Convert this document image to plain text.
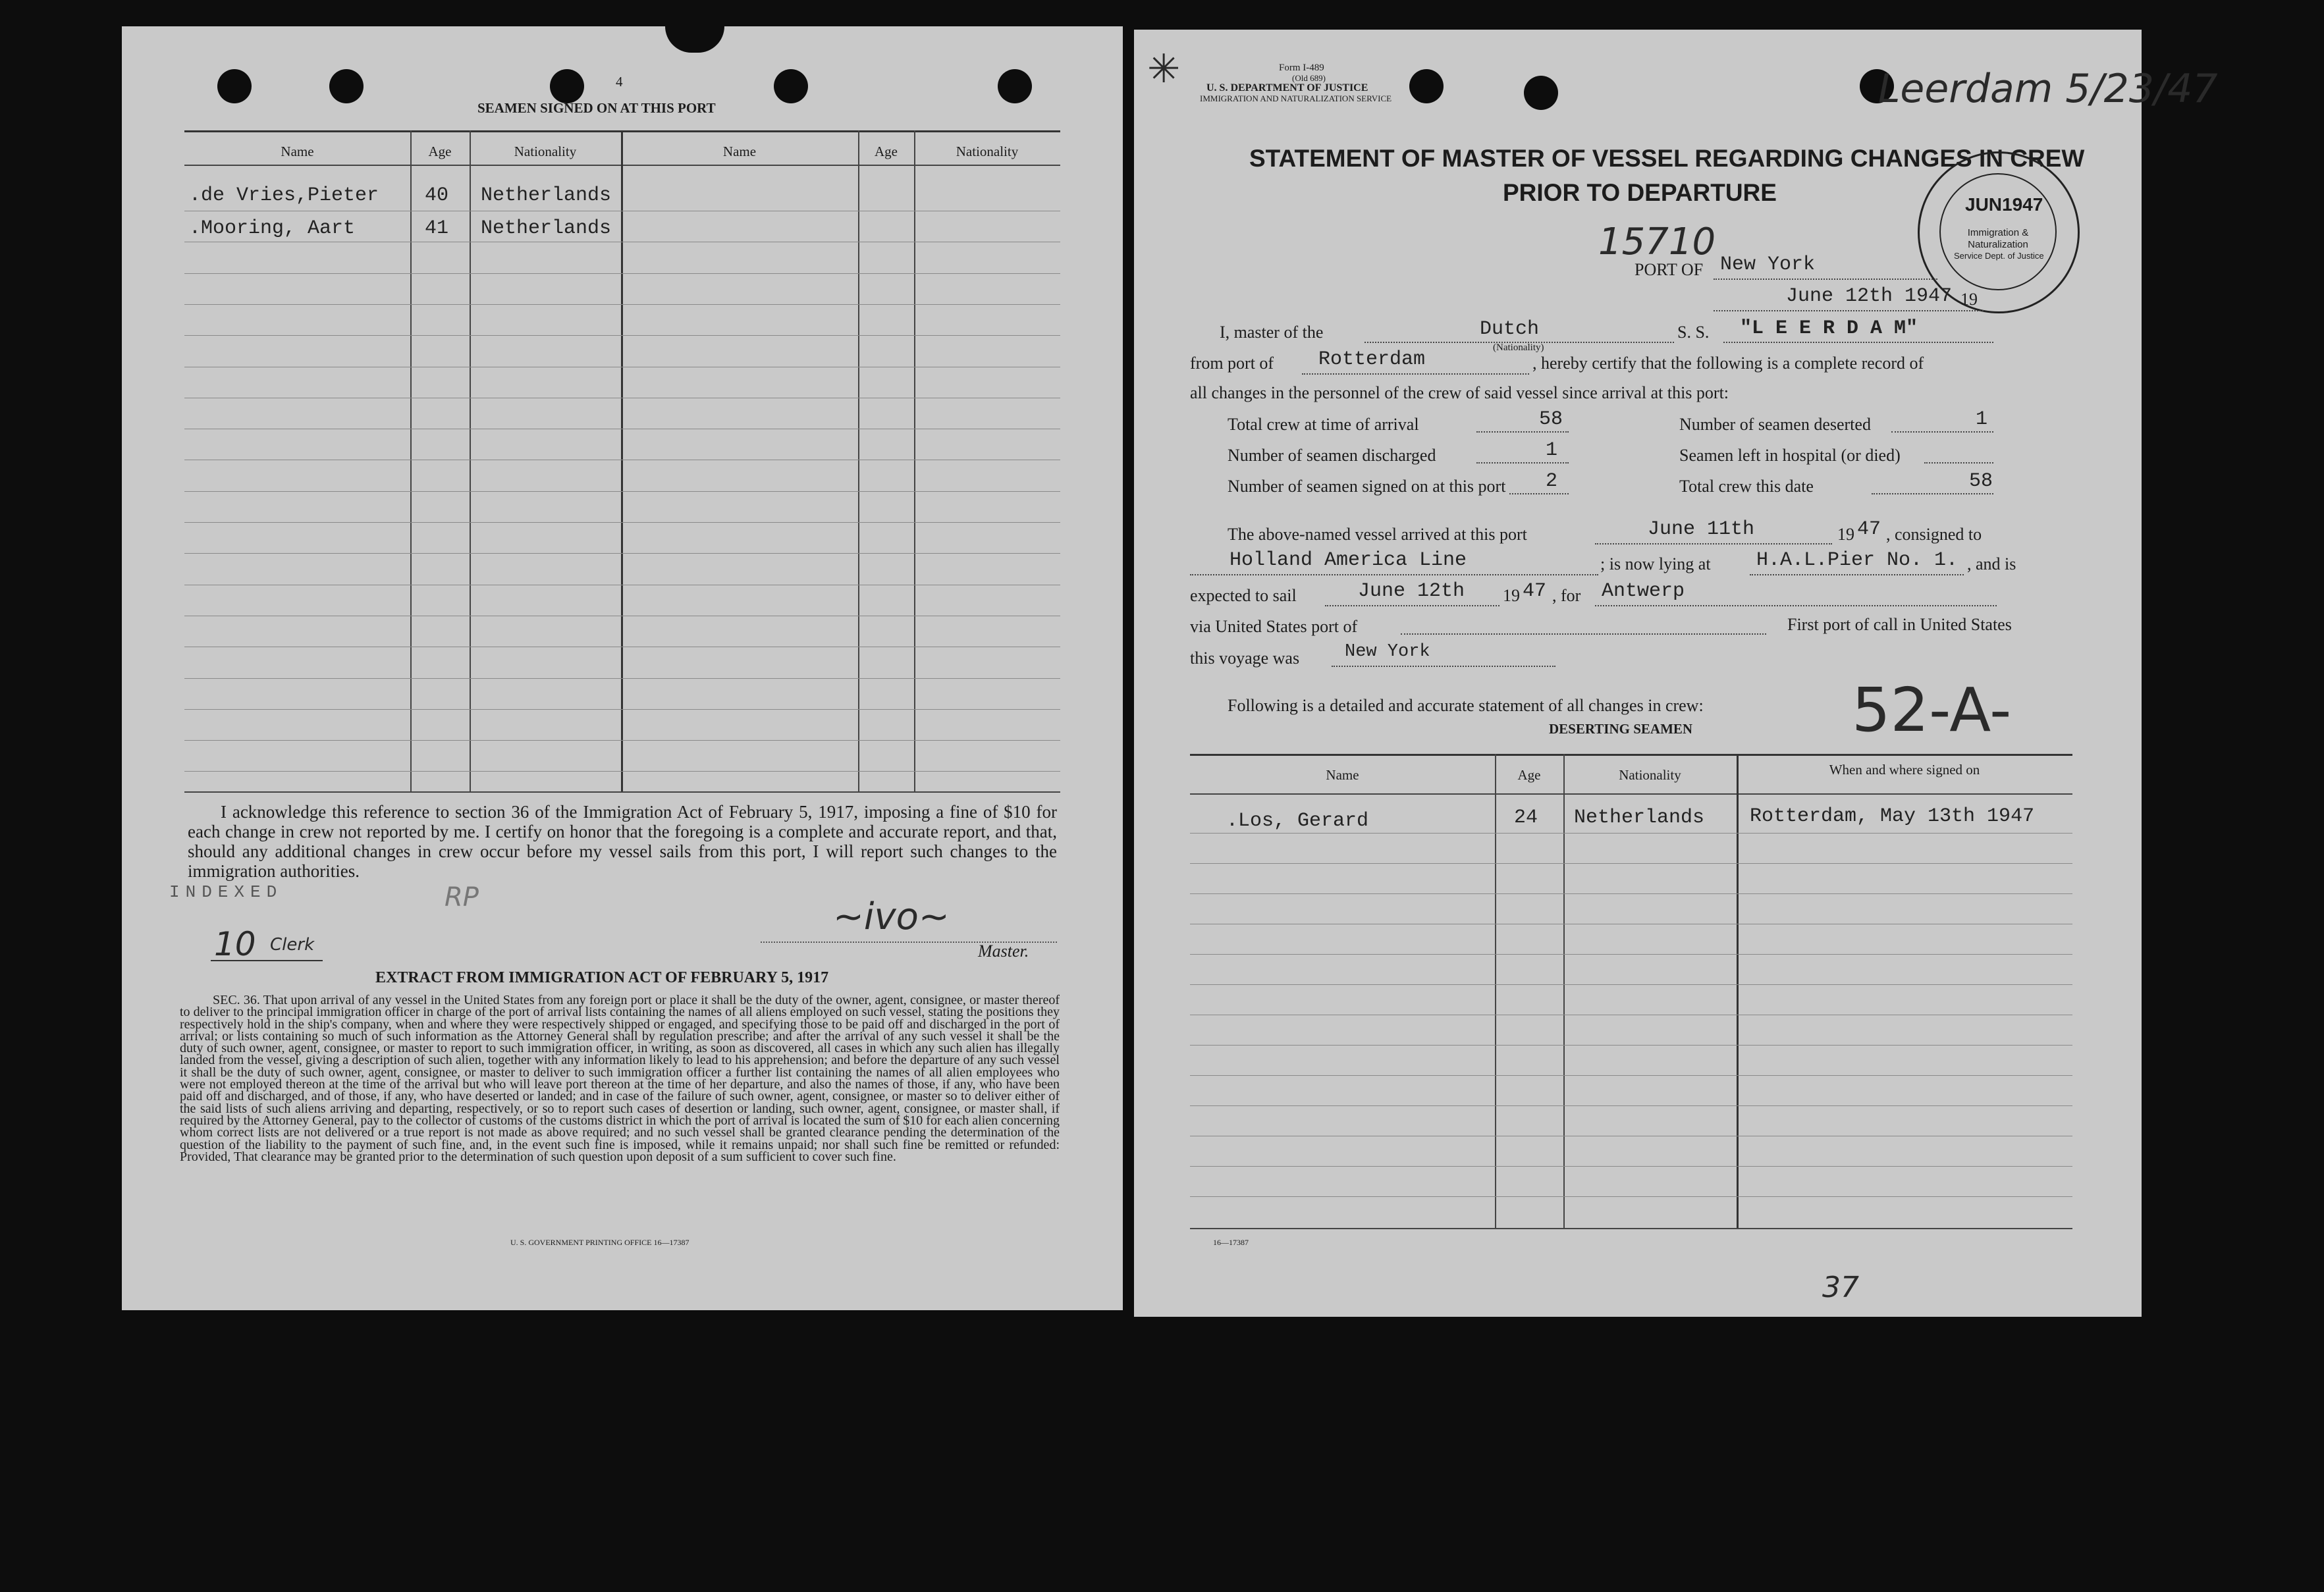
4
SEAMEN SIGNED ON AT THIS PORT
Name	Age	Nationality	Name	Age	Nationality
.de Vries,Pieter 40 Netherlands
.Mooring, Aart	41 Netherlands
I acknowledge this reference to section 36 of the Immigration Act of February 5, 1917, imposing a fine of $10 for each change in crew not reported by me. I certify on honor that the foregoing is a complete and accurate report, and that, should any additional changes in crew occur before my vessel sails from this port, I will report such changes to the immigration authorities.
INDEXED
10 Clerk
RP	~ivo~
Master.
EXTRACT FROM IMMIGRATION ACT OF FEBRUARY 5, 1917
SEC. 36. That upon arrival of any vessel in the United States from any foreign port or place it shall be the duty of the owner, agent, consignee, or master thereof to deliver to the principal immigration officer in charge of the port of arrival lists containing the names of all aliens employed on such vessel, stating the positions they respectively hold in the ship's company, when and where they were respectively shipped or engaged, and specifying those to be paid off and discharged in the port of arrival; or lists containing so much of such information as the Attorney General shall by regulation prescribe; and after the arrival of any such vessel it shall be the duty of such owner, agent, consignee, or master to report to such immigration officer, in writing, as soon as discovered, all cases in which any such alien has illegally landed from the vessel, giving a description of such alien, together with any information likely to lead to his apprehension; and before the departure of any such vessel it shall be the duty of such owner, agent, consignee, or master to deliver to such immigration officer a further list containing the names of all alien employees who were not employed thereon at the time of the arrival but who will leave port thereon at the time of her departure, and also the names of those, if any, who have been paid off and discharged, and of those, if any, who have deserted or landed; and in case of the failure of such owner, agent, consignee, or master so to deliver either of the said lists of such aliens arriving and departing, respectively, or so to report such cases of desertion or landing, such owner, agent, consignee, or master shall, if required by the Attorney General, pay to the collector of customs of the customs district in which the port of arrival is located the sum of $10 for each alien concerning whom correct lists are not delivered or a true report is not made as above required; and no such vessel shall be granted clearance pending the determination of the question of the liability to the payment of such fine, and, in the event such fine is imposed, while it remains unpaid; nor shall such fine be remitted or refunded: Provided, That clearance may be granted prior to the determination of such question upon deposit of a sum sufficient to cover such fine.
U. S. GOVERNMENT PRINTING OFFICE 16—17387
✳	Form I-489
(Old 689)
U. S. DEPARTMENT OF JUSTICE
IMMIGRATION AND NATURALIZATION SERVICE	Leerdam 5/23/47
STATEMENT OF MASTER OF VESSEL REGARDING CHANGES IN CREW
PRIOR TO DEPARTURE
15710
JUN1947
Immigration &
Naturalization
Service Dept. of Justice
PORT OF New York
June 12th 1947 19
I, master of the	Dutch
(Nationality)
S. S. "L E E R D A M"
from port of Rotterdam	, hereby certify that the following is a complete record of
all changes in the personnel of the crew of said vessel since arrival at this port:
Total crew at time of arrival	58	Number of seamen deserted	1
Number of seamen discharged	1	Seamen left in hospital (or died)
Number of seamen signed on at this port 2	Total crew this date	58
The above-named vessel arrived at this port	June 11th	19 47 , consigned to
Holland America Line	; is now lying at H.A.L.Pier No. 1. , and is
expected to sail	June 12th 19 47 , for Antwerp
via United States port of	First port of call in United States
this voyage was	New York
Following is a detailed and accurate statement of all changes in crew:
DESERTING SEAMEN	52-A-
Name	Age	Nationality	When and where signed on
.Los, Gerard	24 Netherlands Rotterdam, May 13th 1947
16—17387
37
